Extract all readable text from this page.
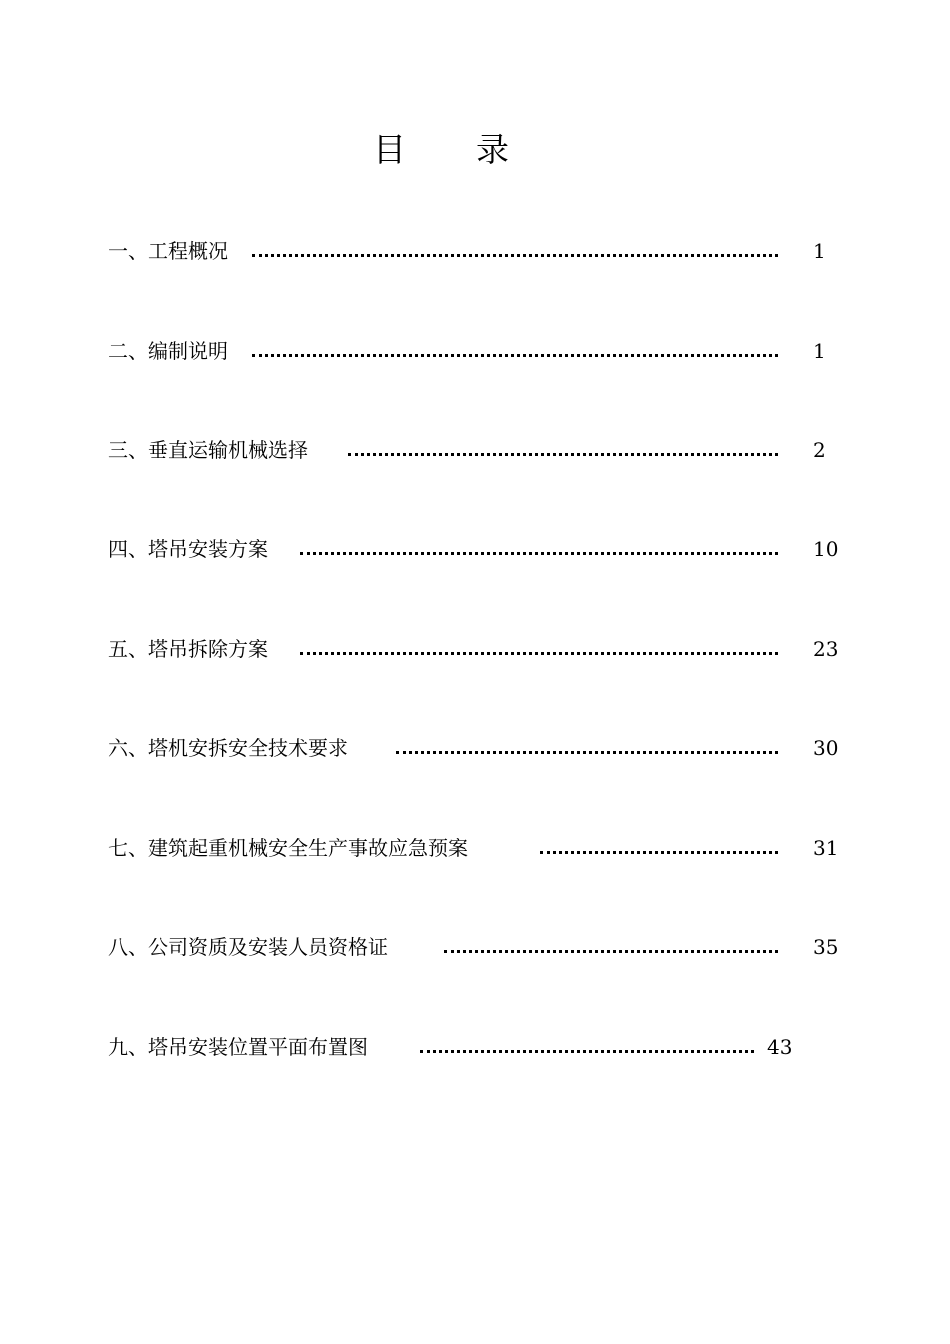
目 录
一、工程概况	1
二、编制说明	1
三、垂直运输机械选择	2
四、塔吊安装方案	10
五、塔吊拆除方案	23
六、塔机安拆安全技术要求	30
七、建筑起重机械安全生产事故应急预案	31
八、公司资质及安装人员资格证	35
九、塔吊安装位置平面布置图	43
